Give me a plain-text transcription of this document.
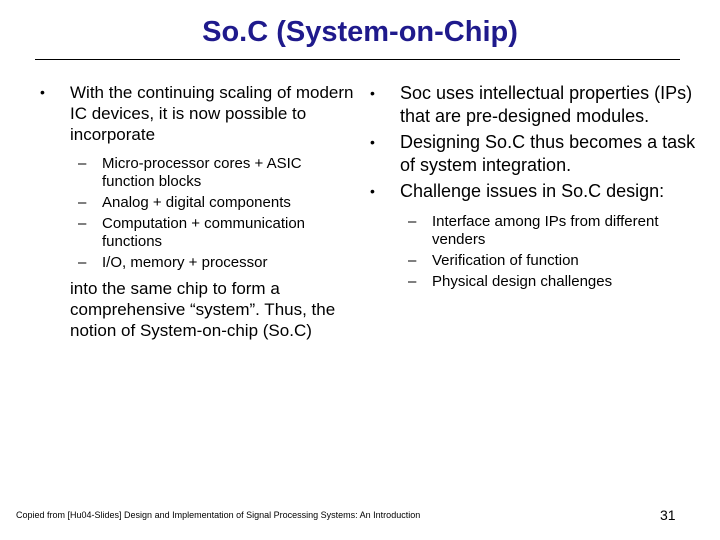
So.C (System-on-Chip)
• With the continuing scaling of modern IC devices, it is now possible to incorporate
– Micro-processor cores + ASIC function blocks
– Analog + digital components
– Computation + communication functions
– I/O, memory + processor
into the same chip to form a comprehensive “system”. Thus, the notion of System-on-chip (So.C)
• Soc uses intellectual properties (IPs) that are pre-designed modules.
• Designing So.C thus becomes a task of system integration.
• Challenge issues in So.C design:
– Interface among IPs from different venders
– Verification of function
– Physical design challenges
Copied from [Hu04-Slides] Design and Implementation of Signal Processing Systems: An Introduction	31
